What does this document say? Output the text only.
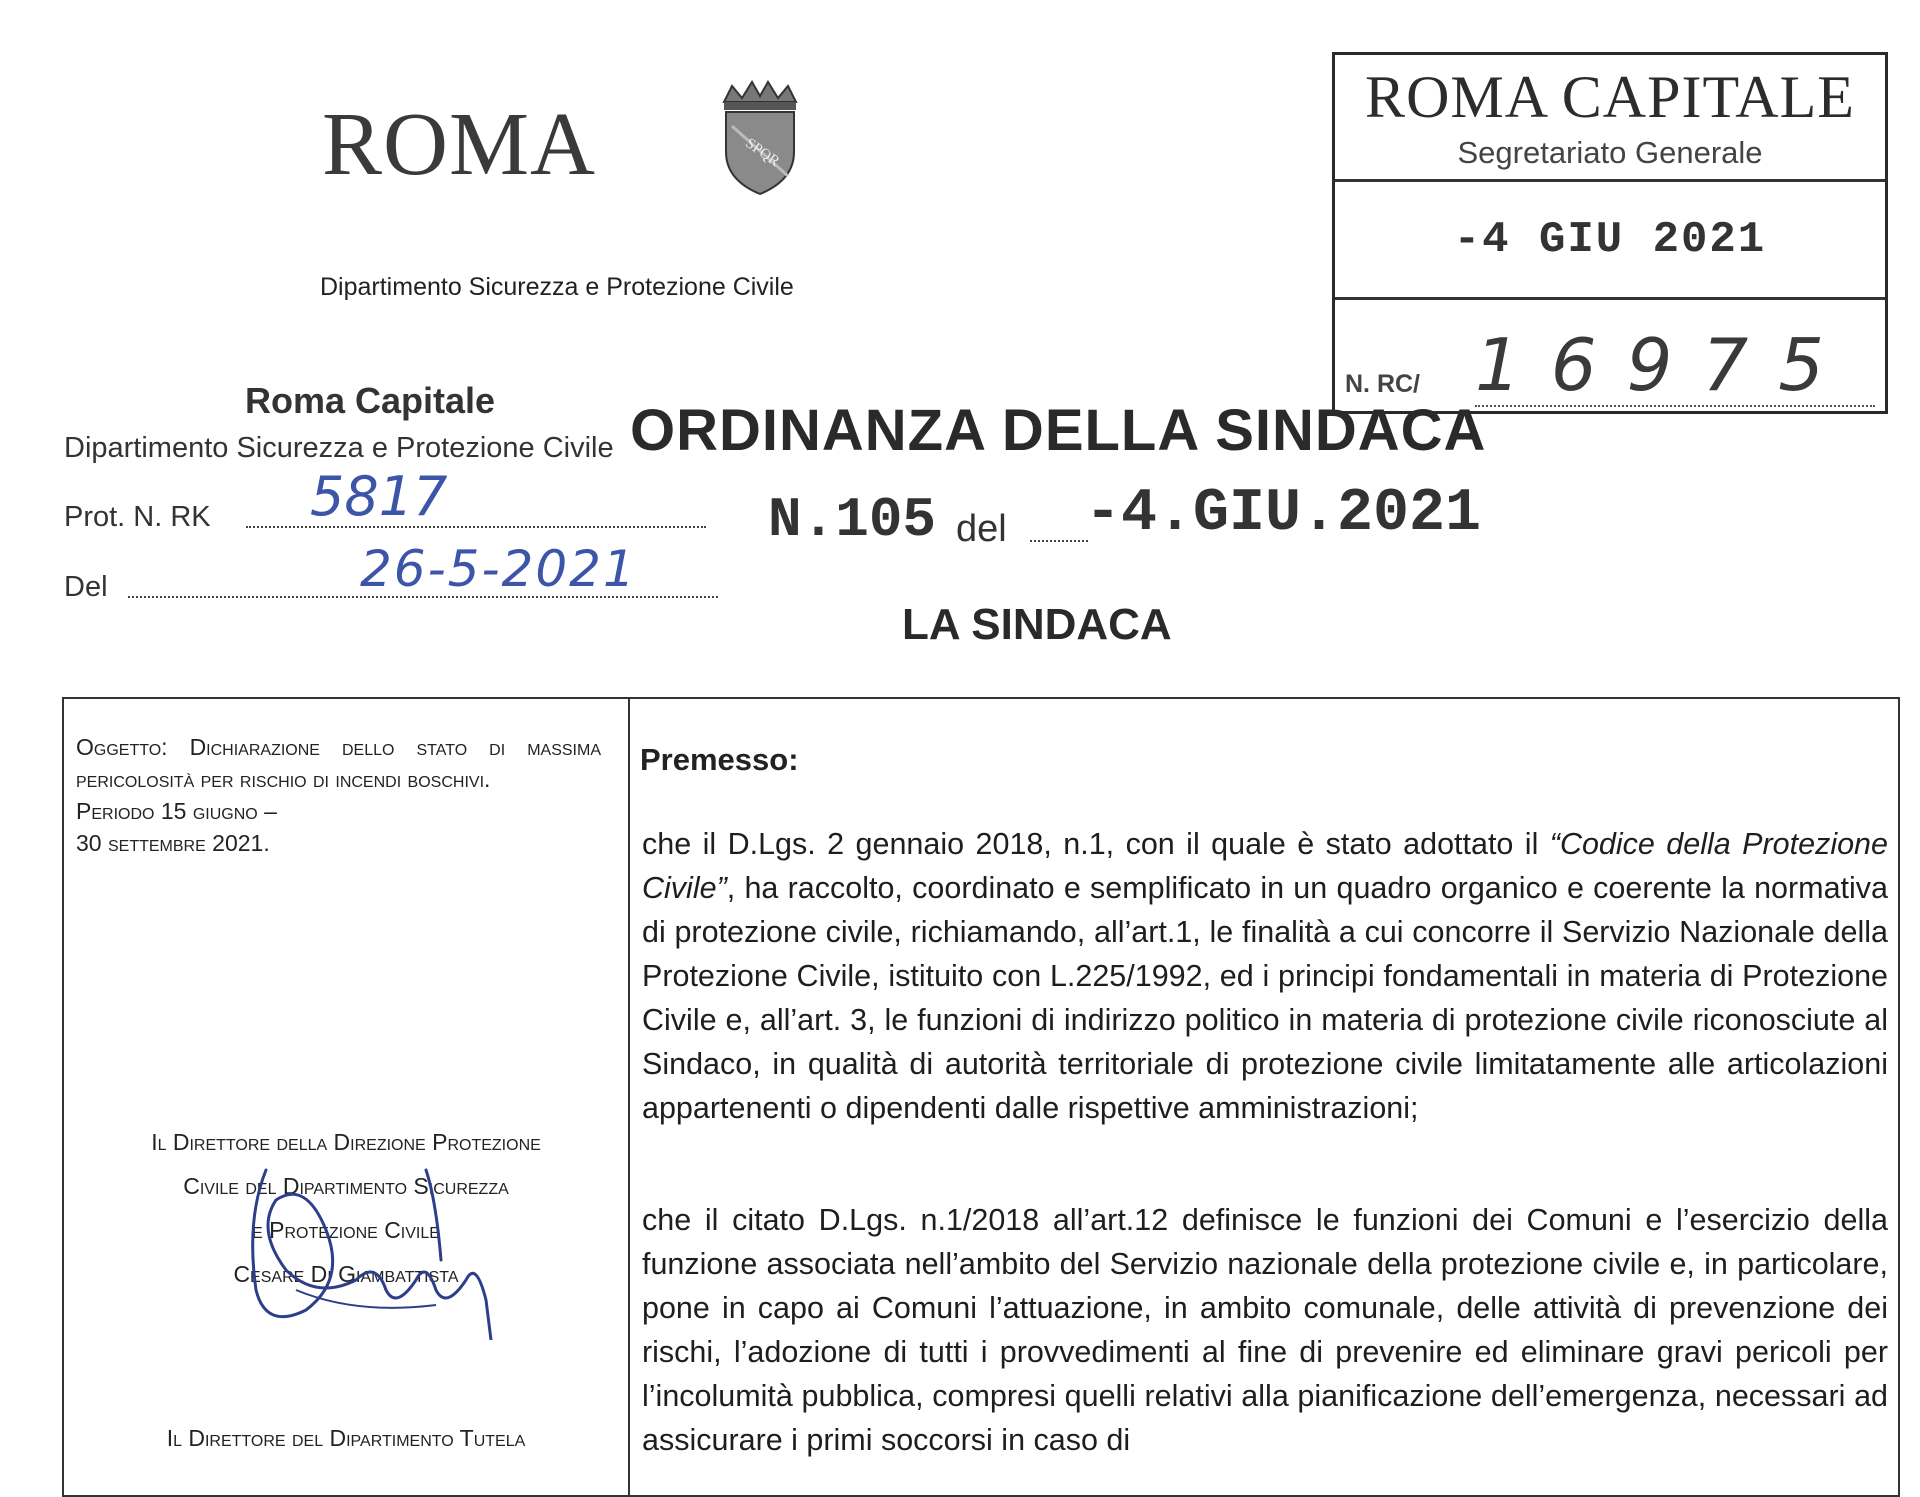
ROMA	SPQR
Dipartimento Sicurezza e Protezione Civile
ROMA CAPITALE
Segretariato Generale
-4 GIU 2021
16975
N. RC/
Roma Capitale
Dipartimento Sicurezza e Protezione Civile
Prot. N. RK 5817
Del	26-5-2021
ORDINANZA DELLA SINDACA
N.105 del -4.GIU.2021
LA SINDACA
Oggetto: Dichiarazione dello stato di massima pericolosità per rischio di incendi boschivi.
Periodo 15 giugno –
30 settembre 2021.
Il Direttore della Direzione Protezione
Civile del Dipartimento Sicurezza
e Protezione Civile
Cesare Di Giambattista
Il Direttore del Dipartimento Tutela
Premesso:
che il D.Lgs. 2 gennaio 2018, n.1, con il quale è stato adottato il “Codice della Protezione Civile”, ha raccolto, coordinato e semplificato in un quadro organico e coerente la normativa di protezione civile, richiamando, all’art.1, le finalità a cui concorre il Servizio Nazionale della Protezione Civile, istituito con L.225/1992, ed i principi fondamentali in materia di Protezione Civile e, all’art. 3, le funzioni di indirizzo politico in materia di protezione civile riconosciute al Sindaco, in qualità di autorità territoriale di protezione civile limitatamente alle articolazioni appartenenti o dipendenti dalle rispettive amministrazioni;
che il citato D.Lgs. n.1/2018 all’art.12 definisce le funzioni dei Comuni e l’esercizio della funzione associata nell’ambito del Servizio nazionale della protezione civile e, in particolare, pone in capo ai Comuni l’attuazione, in ambito comunale, delle attività di prevenzione dei rischi, l’adozione di tutti i provvedimenti al fine di prevenire ed eliminare gravi pericoli per l’incolumità pubblica, compresi quelli relativi alla pianificazione dell’emergenza, necessari ad assicurare i primi soccorsi in caso di
